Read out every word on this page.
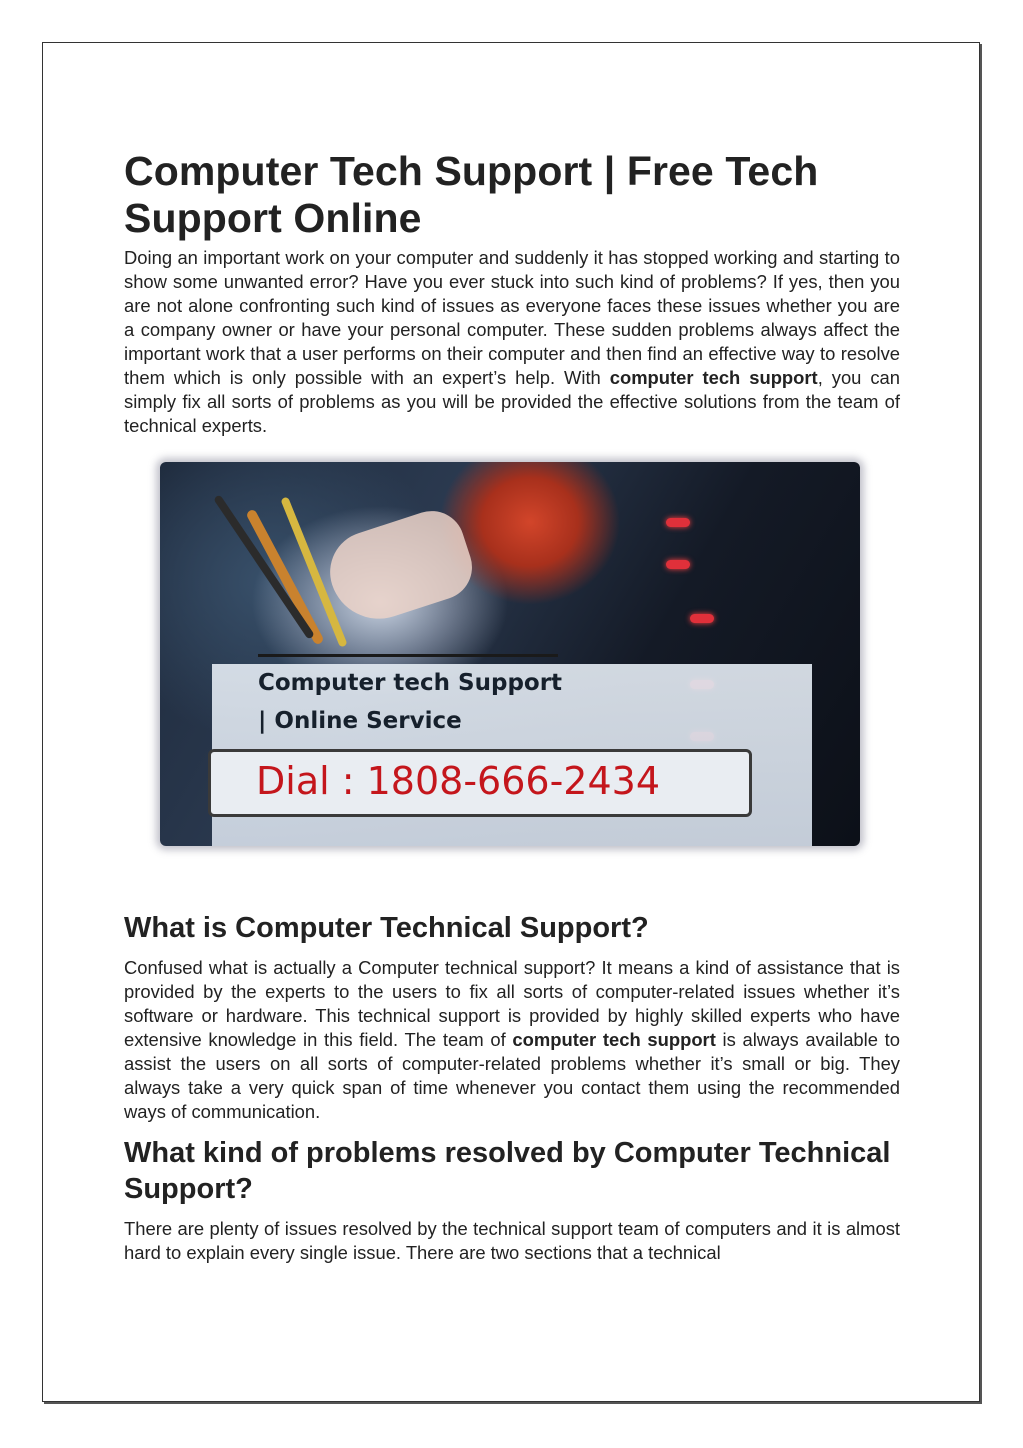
Computer Tech Support | Free Tech Support Online

Doing an important work on your computer and suddenly it has stopped working and starting to show some unwanted error? Have you ever stuck into such kind of problems? If yes, then you are not alone confronting such kind of issues as everyone faces these issues whether you are a company owner or have your personal computer. These sudden problems always affect the important work that a user performs on their computer and then find an effective way to resolve them which is only possible with an expert’s help. With computer tech support, you can simply fix all sorts of problems as you will be provided the effective solutions from the team of technical experts.

Computer tech Support
| Online Service
Dial : 1808-666-2434
What is Computer Technical Support?

Confused what is actually a Computer technical support? It means a kind of assistance that is provided by the experts to the users to fix all sorts of computer-related issues whether it’s software or hardware. This technical support is provided by highly skilled experts who have extensive knowledge in this field. The team of computer tech support is always available to assist the users on all sorts of computer-related problems whether it’s small or big. They always take a very quick span of time whenever you contact them using the recommended ways of communication.

What kind of problems resolved by Computer Technical Support?

There are plenty of issues resolved by the technical support team of computers and it is almost hard to explain every single issue. There are two sections that a technical
